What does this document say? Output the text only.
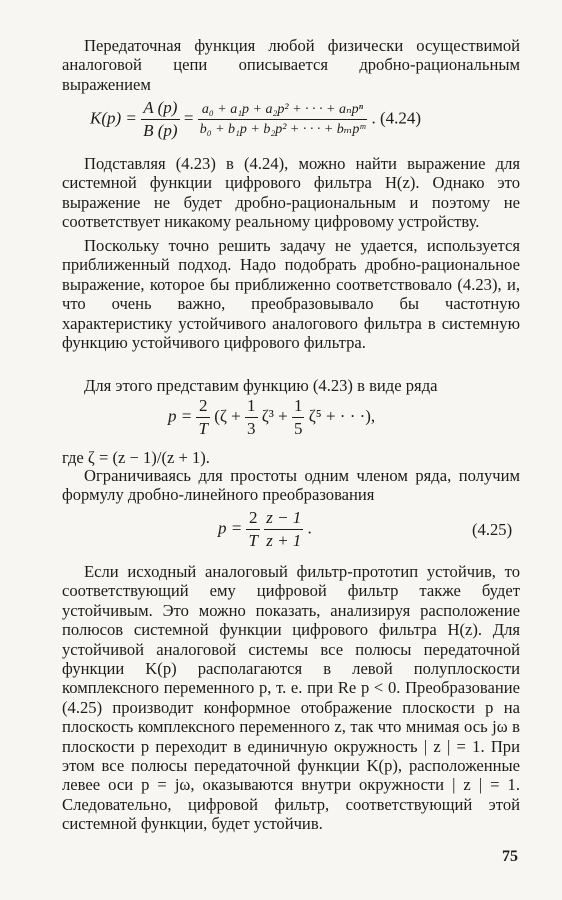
Передаточная функция любой физически осуществимой аналоговой цепи описывается дробно-рациональным выражением

$K(p) = \frac{A (p)}{B (p)} = \frac{\text{a₀ + a₁p + a₂p² + · · · + aₙpⁿ}}{\text{b₀ + b₁p + b₂p² + · · · + bₘpᵐ}}$ . (4.24)

Подставляя (4.23) в (4.24), можно найти выражение для системной функции цифрового фильтра H(z). Однако это выражение не будет дробно-рациональным и поэтому не соответствует никакому реальному цифровому устройству.

Поскольку точно решить задачу не удается, используется приближенный подход. Надо подобрать дробно-рациональное выражение, которое бы приближенно соответствовало (4.23), и, что очень важно, преобразовывало бы частотную характеристику устойчивого аналогового фильтра в системную функцию устойчивого цифрового фильтра.

Для этого представим функцию (4.23) в виде ряда

$p = \frac{2}{T} (\zeta + \frac{1}{3} \zeta^3 + \frac{1}{5} \zeta^5$ + · · ·),

где ζ = (z − 1)/(z + 1).

Ограничиваясь для простоты одним членом ряда, получим формулу дробно-линейного преобразования

$p = \frac{2}{T}$
$\frac{z - 1}{z + 1}$ .	(4.25)

Если исходный аналоговый фильтр-прототип устойчив, то соответствующий ему цифровой фильтр также будет устойчивым. Это можно показать, анализируя расположение полюсов системной функции цифрового фильтра H(z). Для устойчивой аналоговой системы все полюсы передаточной функции K(p) располагаются в левой полуплоскости комплексного переменного p, т. е. при Re p < 0. Преобразование (4.25) производит конформное отображение плоскости p на плоскость комплексного переменного z, так что мнимая ось jω в плоскости p переходит в единичную окружность | z | = 1. При этом все полюсы передаточной функции K(p), расположенные левее оси p = jω, оказываются внутри окружности | z | = 1. Следовательно, цифровой фильтр, соответствующий этой системной функции, будет устойчив.

75
